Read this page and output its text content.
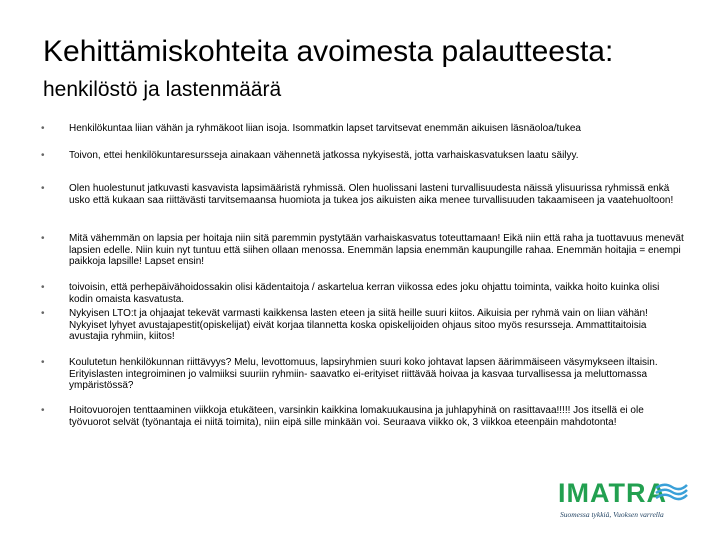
Kehittämiskohteita avoimesta palautteesta:
henkilöstö ja lastenmäärä
• Henkilökuntaa liian vähän ja ryhmäkoot liian isoja. Isommatkin lapset tarvitsevat enemmän aikuisen läsnäoloa/tukea
• Toivon, ettei henkilökuntaresursseja ainakaan vähennetä jatkossa nykyisestä, jotta varhaiskasvatuksen laatu säilyy.
• Olen huolestunut jatkuvasti kasvavista lapsimääristä ryhmissä. Olen huolissani lasteni turvallisuudesta näissä ylisuurissa ryhmissä enkä usko että kukaan saa riittävästi tarvitsemaansa huomiota ja tukea jos aikuisten aika menee turvallisuuden takaamiseen ja vaatehuoltoon!
• Mitä vähemmän on lapsia per hoitaja niin sitä paremmin pystytään varhaiskasvatus toteuttamaan! Eikä niin että raha ja tuottavuus menevät lapsien edelle. Niin kuin nyt tuntuu että siihen ollaan menossa. Enemmän lapsia enemmän kaupungille rahaa. Enemmän hoitajia = enempi paikkoja lapsille! Lapset ensin!
• toivoisin, että perhepäivähoidossakin olisi kädentaitoja / askartelua kerran viikossa edes joku ohjattu toiminta, vaikka hoito kuinka olisi kodin omaista kasvatusta.
• Nykyisen LTO:t ja ohjaajat tekevät varmasti kaikkensa lasten eteen ja siitä heille suuri kiitos. Aikuisia per ryhmä vain on liian vähän! Nykyiset lyhyet avustajapestit(opiskelijat) eivät korjaa tilannetta koska opiskelijoiden ohjaus sitoo myös resursseja. Ammattitaitoisia avustajia ryhmiin, kiitos!
• Koulutetun henkilökunnan riittävyys? Melu, levottomuus, lapsiryhmien suuri koko johtavat lapsen äärimmäiseen väsymykseen iltaisin. Erityislasten integroiminen jo valmiiksi suuriin ryhmiin- saavatko ei-erityiset riittävää hoivaa ja kasvaa turvallisessa ja meluttomassa ympäristössä?
• Hoitovuorojen tenttaaminen viikkoja etukäteen, varsinkin kaikkina lomakuukausina ja juhlapyhinä on rasittavaa!!!!! Jos itsellä ei ole työvuorot selvät (työnantaja ei niitä toimita), niin eipä sille minkään voi. Seuraava viikko ok, 3 viikkoa eteenpäin mahdotonta!
IMATRA
Suomessa tykkiä, Vuoksen varrella
